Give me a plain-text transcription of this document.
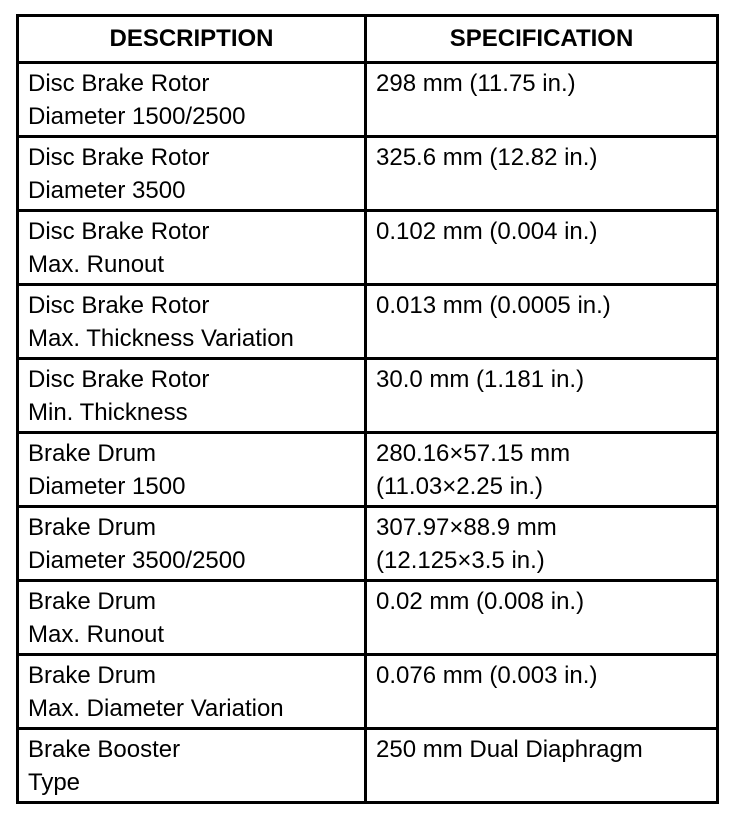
DESCRIPTION	SPECIFICATION

Disc Brake Rotor
Diameter 1500/2500	298 mm (11.75 in.)

Disc Brake Rotor
Diameter 3500	325.6 mm (12.82 in.)

Disc Brake Rotor
Max. Runout	0.102 mm (0.004 in.)

Disc Brake Rotor
Max. Thickness Variation	0.013 mm (0.0005 in.)

Disc Brake Rotor
Min. Thickness	30.0 mm (1.181 in.)

Brake Drum
Diameter 1500	280.16×57.15 mm
(11.03×2.25 in.)

Brake Drum
Diameter 3500/2500	307.97×88.9 mm
(12.125×3.5 in.)

Brake Drum
Max. Runout	0.02 mm (0.008 in.)

Brake Drum
Max. Diameter Variation	0.076 mm (0.003 in.)

Brake Booster
Type	250 mm Dual Diaphragm
